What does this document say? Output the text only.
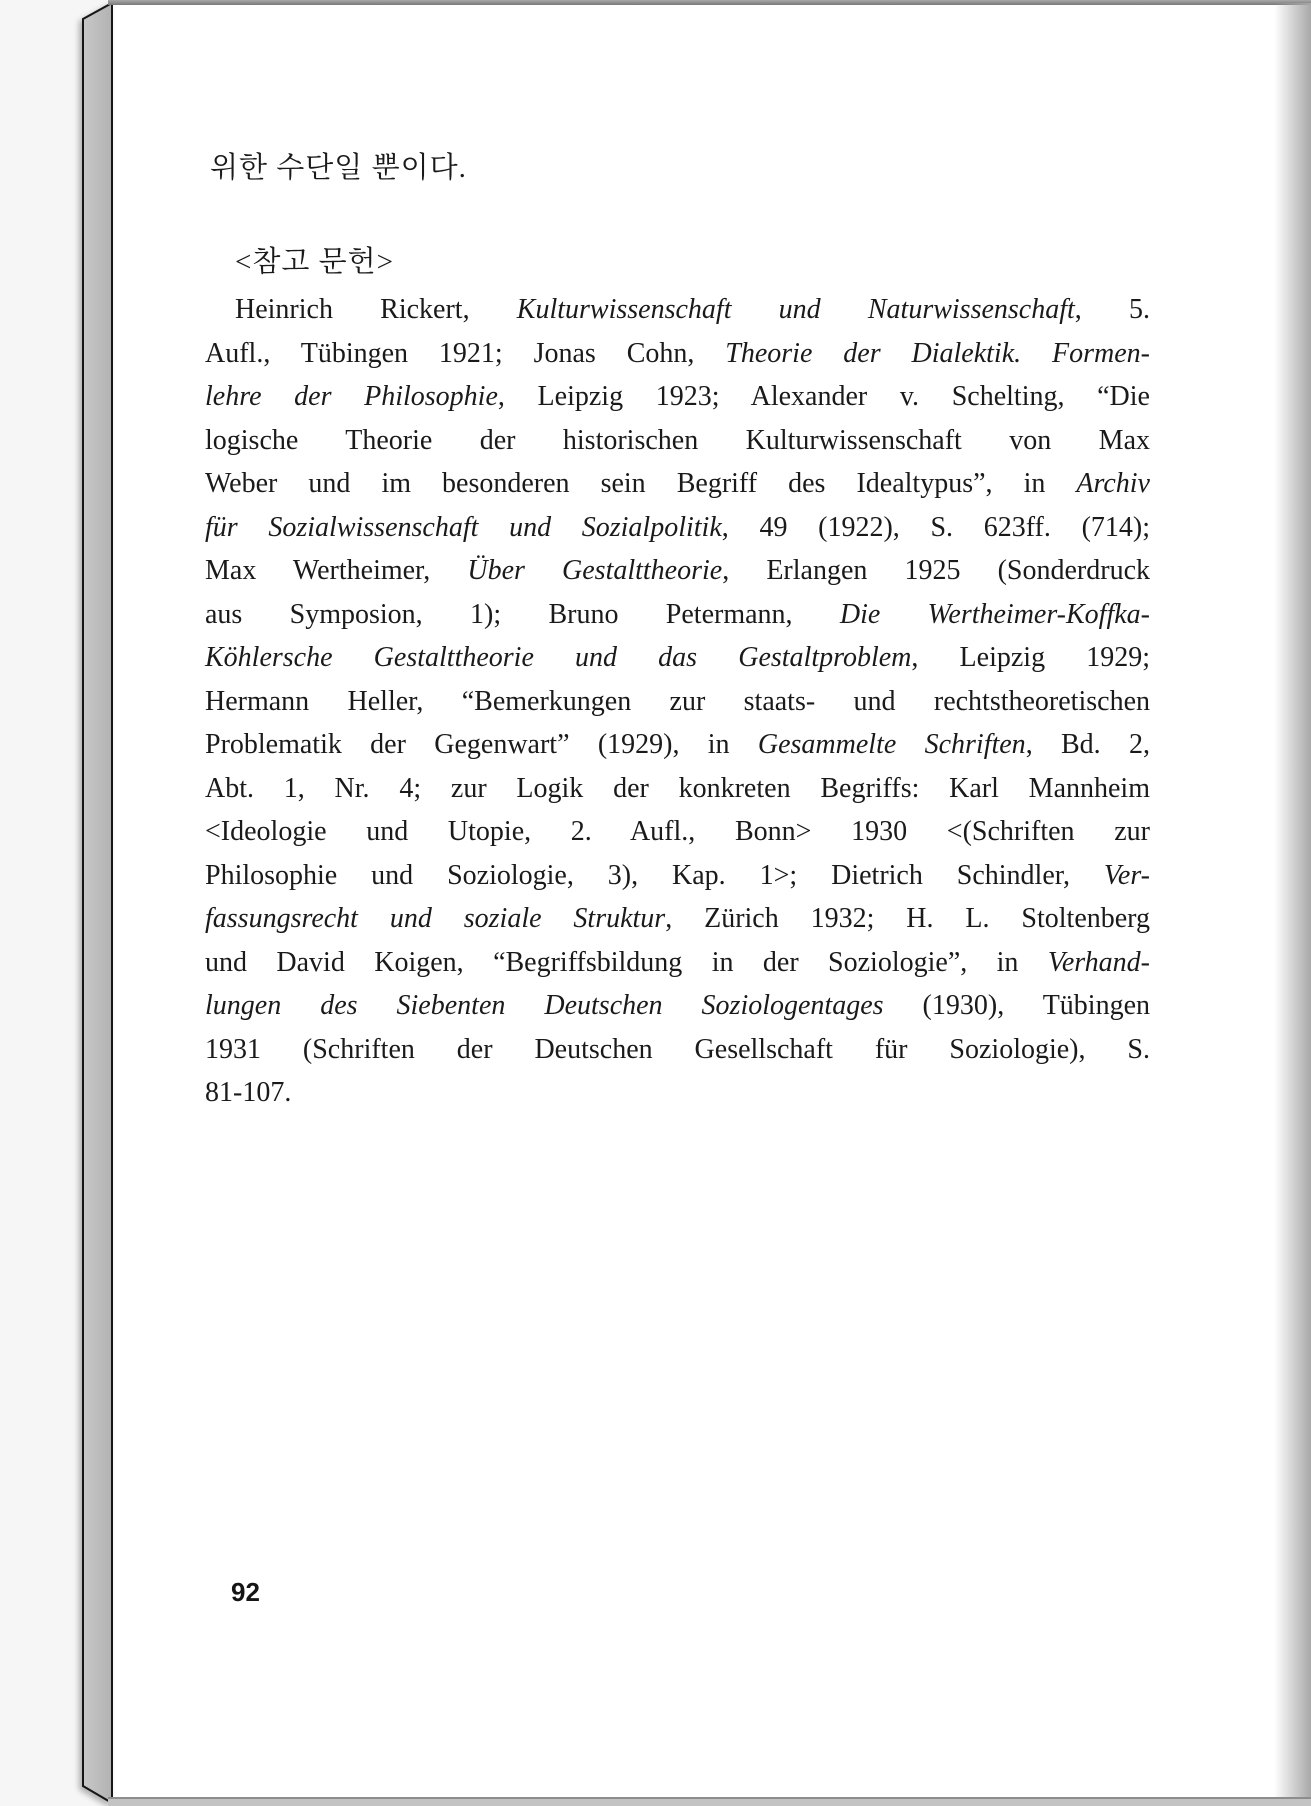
위한 수단일 뿐이다.
<참고 문헌>
Heinrich Rickert, Kulturwissenschaft und Naturwissenschaft, 5.
Aufl., Tübingen 1921; Jonas Cohn, Theorie der Dialektik. Formen-
lehre der Philosophie, Leipzig 1923; Alexander v. Schelting, “Die
logische Theorie der historischen Kulturwissenschaft von Max
Weber und im besonderen sein Begriff des Idealtypus”, in Archiv
für Sozialwissenschaft und Sozialpolitik, 49 (1922), S. 623ff. (714);
Max Wertheimer, Über Gestalttheorie, Erlangen 1925 (Sonderdruck
aus Symposion, 1); Bruno Petermann, Die Wertheimer-Koffka-
Köhlersche Gestalttheorie und das Gestaltproblem, Leipzig 1929;
Hermann Heller, “Bemerkungen zur staats- und rechtstheoretischen
Problematik der Gegenwart” (1929), in Gesammelte Schriften, Bd. 2,
Abt. 1, Nr. 4; zur Logik der konkreten Begriffs: Karl Mannheim
<Ideologie und Utopie, 2. Aufl., Bonn> 1930 <(Schriften zur
Philosophie und Soziologie, 3), Kap. 1>; Dietrich Schindler, Ver-
fassungsrecht und soziale Struktur, Zürich 1932; H. L. Stoltenberg
und David Koigen, “Begriffsbildung in der Soziologie”, in Verhand-
lungen des Siebenten Deutschen Soziologentages (1930), Tübingen
1931 (Schriften der Deutschen Gesellschaft für Soziologie), S.
81-107.
92
